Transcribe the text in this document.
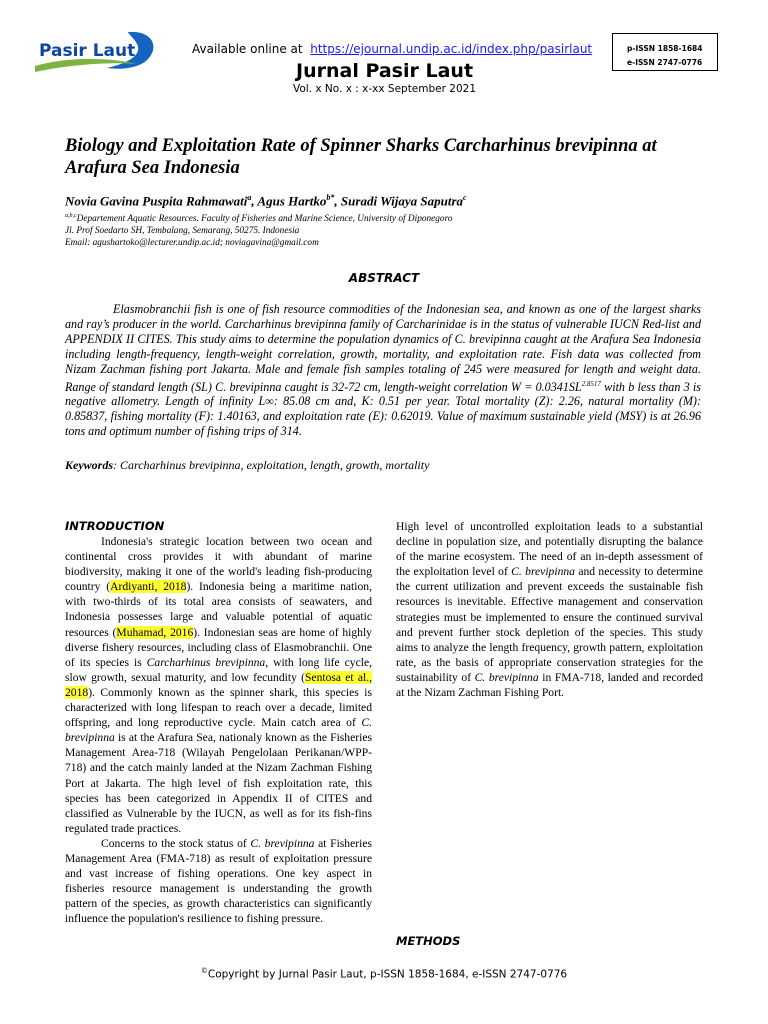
Pasir Laut	Available online at https://ejournal.undip.ac.id/index.php/pasirlaut
Jurnal Pasir Laut
Vol. x No. x : x-xx September 2021
p-ISSN 1858-1684
e-ISSN 2747-0776
Biology and Exploitation Rate of Spinner Sharks Carcharhinus brevipinna at Arafura Sea Indonesia
Novia Gavina Puspita Rahmawati$^a$, Agus Hartko$^{b*}$, Suradi Wijaya Saputra$^c$
$^{a,b,c}$Departement Aquatic Resources. Faculty of Fisheries and Marine Science, University of Diponegoro
Jl. Prof Soedarto SH, Tembalang, Semarang, 50275. Indonesia
Email: agushartoko@lecturer.undip.ac.id; noviagavina@gmail.com
ABSTRACT
Elasmobranchii fish is one of fish resource commodities of the Indonesian sea, and known as one of the largest sharks and ray’s producer in the world. Carcharhinus brevipinna family of Carcharinidae is in the status of vulnerable IUCN Red-list and APPENDIX II CITES. This study aims to determine the population dynamics of C. brevipinna caught at the Arafura Sea Indonesia including length-frequency, length-weight correlation, growth, mortality, and exploitation rate. Fish data was collected from Nizam Zachman fishing port Jakarta. Male and female fish samples totaling of 245 were measured for length and weight data. Range of standard length (SL) C. brevipinna caught is 32-72 cm, length-weight correlation $W = 0.0341SL^{2.8517}$ with b less than 3 is negative allometry. Length of infinity L∞: 85.08 cm and, K: 0.51 per year. Total mortality (Z): 2.26, natural mortality (M): 0.85837, fishing mortality (F): 1.40163, and exploitation rate (E): 0.62019. Value of maximum sustainable yield (MSY) is at 26.96 tons and optimum number of fishing trips of 314.
Keywords: Carcharhinus brevipinna, exploitation, length, growth, mortality
INTRODUCTION

Indonesia's strategic location between two ocean and continental cross provides it with abundant of marine biodiversity, making it one of the world's leading fish-producing country (Ardiyanti, 2018). Indonesia being a maritime nation, with two-thirds of its total area consists of seawaters, and Indonesia possesses large and valuable potential of aquatic resources (Muhamad, 2016). Indonesian seas are home of highly diverse fishery resources, including class of Elasmobranchii. One of its species is Carcharhinus brevipinna, with long life cycle, slow growth, sexual maturity, and low fecundity (Sentosa et al., 2018). Commonly known as the spinner shark, this species is characterized with long lifespan to reach over a decade, limited offspring, and long reproductive cycle. Main catch area of C. brevipinna is at the Arafura Sea, nationaly known as the Fisheries Management Area-718 (Wilayah Pengelolaan Perikanan/WPP-718) and the catch mainly landed at the Nizam Zachman Fishing Port at Jakarta. The high level of fish exploitation rate, this species has been categorized in Appendix II of CITES and classified as Vulnerable by the IUCN, as well as for its fish-fins regulated trade practices.

Concerns to the stock status of C. brevipinna at Fisheries Management Area (FMA-718) as result of exploitation pressure and vast increase of fishing operations. One key aspect in fisheries resource management is understanding the growth pattern of the species, as growth characteristics can significantly influence the population's resilience to fishing pressure.

High level of uncontrolled exploitation leads to a substantial decline in population size, and potentially disrupting the balance of the marine ecosystem. The need of an in-depth assessment of the exploitation level of C. brevipinna and necessity to determine the current utilization and prevent exceeds the sustainable fish resources is inevitable. Effective management and conservation strategies must be implemented to ensure the continued survival and prevent further stock depletion of the species. This study aims to analyze the length frequency, growth pattern, exploitation rate, as the basis of appropriate conservation strategies for the sustainability of C. brevipinna in FMA-718, landed and recorded at the Nizam Zachman Fishing Port.

METHODS
©Copyright by Jurnal Pasir Laut, p-ISSN 1858-1684, e-ISSN 2747-0776
